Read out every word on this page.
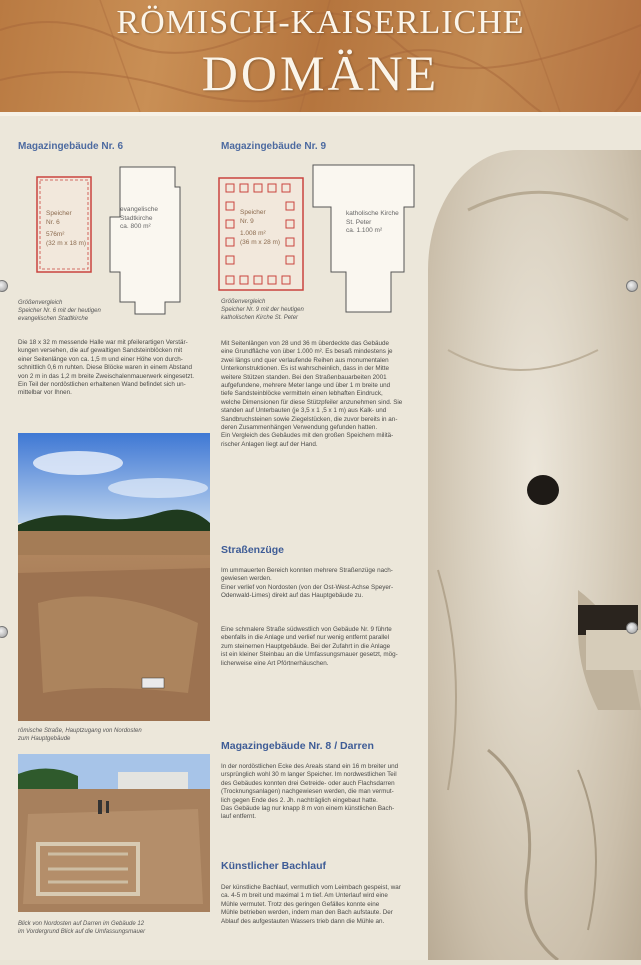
RÖMISCH-KAISERLICHE
DOMÄNE
Magazingebäude Nr. 6
Speicher
Nr. 6
576m²
(32 m x 18 m)
evangelische
Stadtkirche
ca. 800 m²
Größenvergleich
Speicher Nr. 6 mit der heutigen
evangelischen Stadtkirche
Die 18 x 32 m messende Halle war mit pfeilerartigen Verstär-
kungen versehen, die auf gewaltigen Sandsteinblöcken mit
einer Seitenlänge von ca. 1,5 m und einer Höhe von durch-
schnittlich 0,6 m ruhten. Diese Blöcke waren in einem Abstand
von 2 m in das 1,2 m breite Zweischalenmauerwerk eingesetzt.
Ein Teil der nordöstlichen erhaltenen Wand befindet sich un-
mittelbar vor Ihnen.
römische Straße, Hauptzugang von Nordosten
zum Hauptgebäude
Blick von Nordosten auf Darren im Gebäude 12
im Vordergrund Blick auf die Umfassungsmauer
Magazingebäude Nr. 9
Speicher
Nr. 9
1.008 m²
(36 m x 28 m)
katholische Kirche
St. Peter
ca. 1.100 m²
Größenvergleich
Speicher Nr. 9 mit der heutigen
katholischen Kirche St. Peter
Mit Seitenlängen von 28 und 36 m überdeckte das Gebäude
eine Grundfläche von über 1.000 m². Es besaß mindestens je
zwei längs und quer verlaufende Reihen aus monumentalen
Unterkonstruktionen. Es ist wahrscheinlich, dass in der Mitte
weitere Stützen standen. Bei den Straßenbauarbeiten 2001
aufgefundene, mehrere Meter lange und über 1 m breite und
tiefe Sandsteinblöcke vermitteln einen lebhaften Eindruck,
welche Dimensionen für diese Stützpfeiler anzunehmen sind. Sie
standen auf Unterbauten (je 3,5 x 1 ,5 x 1 m) aus Kalk- und
Sandbruchsteinen sowie Ziegelstücken, die zuvor bereits in an-
deren Zusammenhängen Verwendung gefunden hatten.
Ein Vergleich des Gebäudes mit den großen Speichern militä-
rischer Anlagen liegt auf der Hand.
Straßenzüge
Im ummauerten Bereich konnten mehrere Straßenzüge nach-
gewiesen werden.
Einer verlief von Nordosten (von der Ost-West-Achse Speyer-
Odenwald-Limes) direkt auf das Hauptgebäude zu.
Eine schmalere Straße südwestlich von Gebäude Nr. 9 führte
ebenfalls in die Anlage und verlief nur wenig entfernt parallel
zum steinernen Hauptgebäude. Bei der Zufahrt in die Anlage
ist ein kleiner Steinbau an die Umfassungsmauer gesetzt, mög-
licherweise eine Art Pförtnerhäuschen.
Magazingebäude Nr. 8 / Darren
In der nordöstlichen Ecke des Areals stand ein 16 m breiter und
ursprünglich wohl 30 m langer Speicher. Im nordwestlichen Teil
des Gebäudes konnten drei Getreide- oder auch Flachsdarren
(Trocknungsanlagen) nachgewiesen werden, die man vermut-
lich gegen Ende des 2. Jh. nachträglich eingebaut hatte.
Das Gebäude lag nur knapp 8 m von einem künstlichen Bach-
lauf entfernt.
Künstlicher Bachlauf
Der künstliche Bachlauf, vermutlich vom Leimbach gespeist, war
ca. 4-5 m breit und maximal 1 m tief. Am Unterlauf wird eine
Mühle vermutet. Trotz des geringen Gefälles konnte eine
Mühle betrieben werden, indem man den Bach aufstaute. Der
Ablauf des aufgestauten Wassers trieb dann die Mühle an.
